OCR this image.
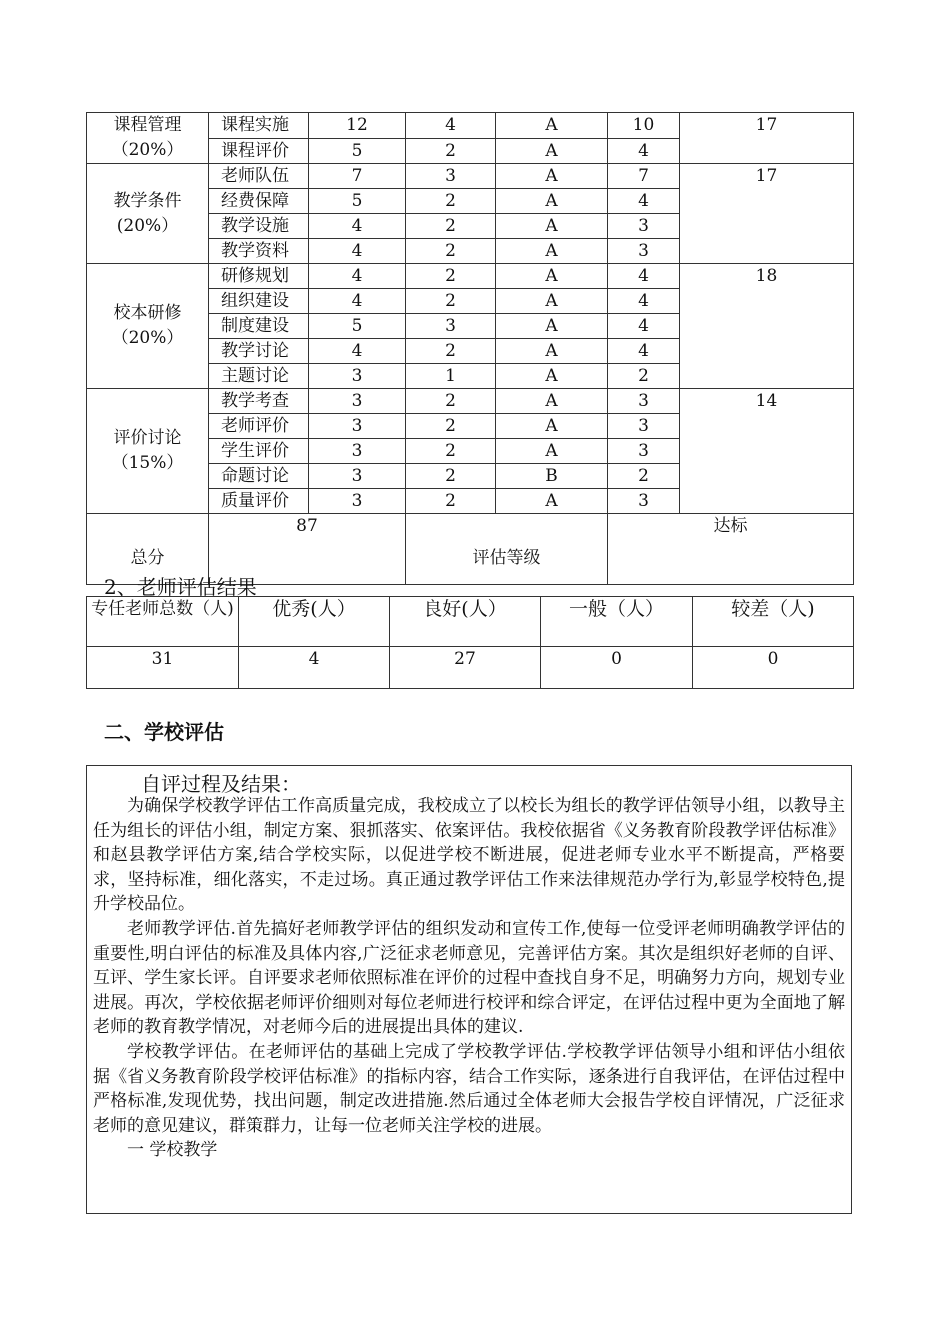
课程管理（20%）	课程实施	12	4	A	10	17
	课程评价	5	2	A	4	
教学条件 (20%）	老师队伍	7	3	A	7	17
	经费保障	5	2	A	4	
	教学设施	4	2	A	3	
	教学资料	4	2	A	3	
校本研修（20%）	研修规划	4	2	A	4	18
	组织建设	4	2	A	4	
	制度建设	5	3	A	4	
	教学讨论	4	2	A	4	
	主题讨论	3	1	A	2	
评价讨论（15%）	教学考查	3	2	A	3	14
	老师评价	3	2	A	3	
	学生评价	3	2	A	3	
	命题讨论	3	2	B	2	
	质量评价	3	2	A	3	
总分	87		评估等级		达标	
2、老师评估结果
专任老师总数（人)	优秀(人）	良好(人）	一般（人）	较差（人)
31	4	27	0	0
二、学校评估
自评过程及结果：

为确保学校教学评估工作高质量完成，我校成立了以校长为组长的教学评估领导小组，以教导主任为组长的评估小组，制定方案、狠抓落实、依案评估。我校依据省《义务教育阶段教学评估标准》和赵县教学评估方案,结合学校实际，以促进学校不断进展，促进老师专业水平不断提高，严格要求，坚持标准，细化落实，不走过场。真正通过教学评估工作来法律规范办学行为,彰显学校特色,提升学校品位。

老师教学评估.首先搞好老师教学评估的组织发动和宣传工作,使每一位受评老师明确教学评估的重要性,明白评估的标准及具体内容,广泛征求老师意见，完善评估方案。其次是组织好老师的自评、互评、学生家长评。自评要求老师依照标准在评价的过程中查找自身不足，明确努力方向，规划专业进展。再次，学校依据老师评价细则对每位老师进行校评和综合评定，在评估过程中更为全面地了解老师的教育教学情况，对老师今后的进展提出具体的建议.

学校教学评估。在老师评估的基础上完成了学校教学评估.学校教学评估领导小组和评估小组依据《省义务教育阶段学校评估标准》的指标内容，结合工作实际，逐条进行自我评估，在评估过程中严格标准,发现优势，找出问题，制定改进措施.然后通过全体老师大会报告学校自评情况，广泛征求老师的意见建议，群策群力，让每一位老师关注学校的进展。

一 学校教学
